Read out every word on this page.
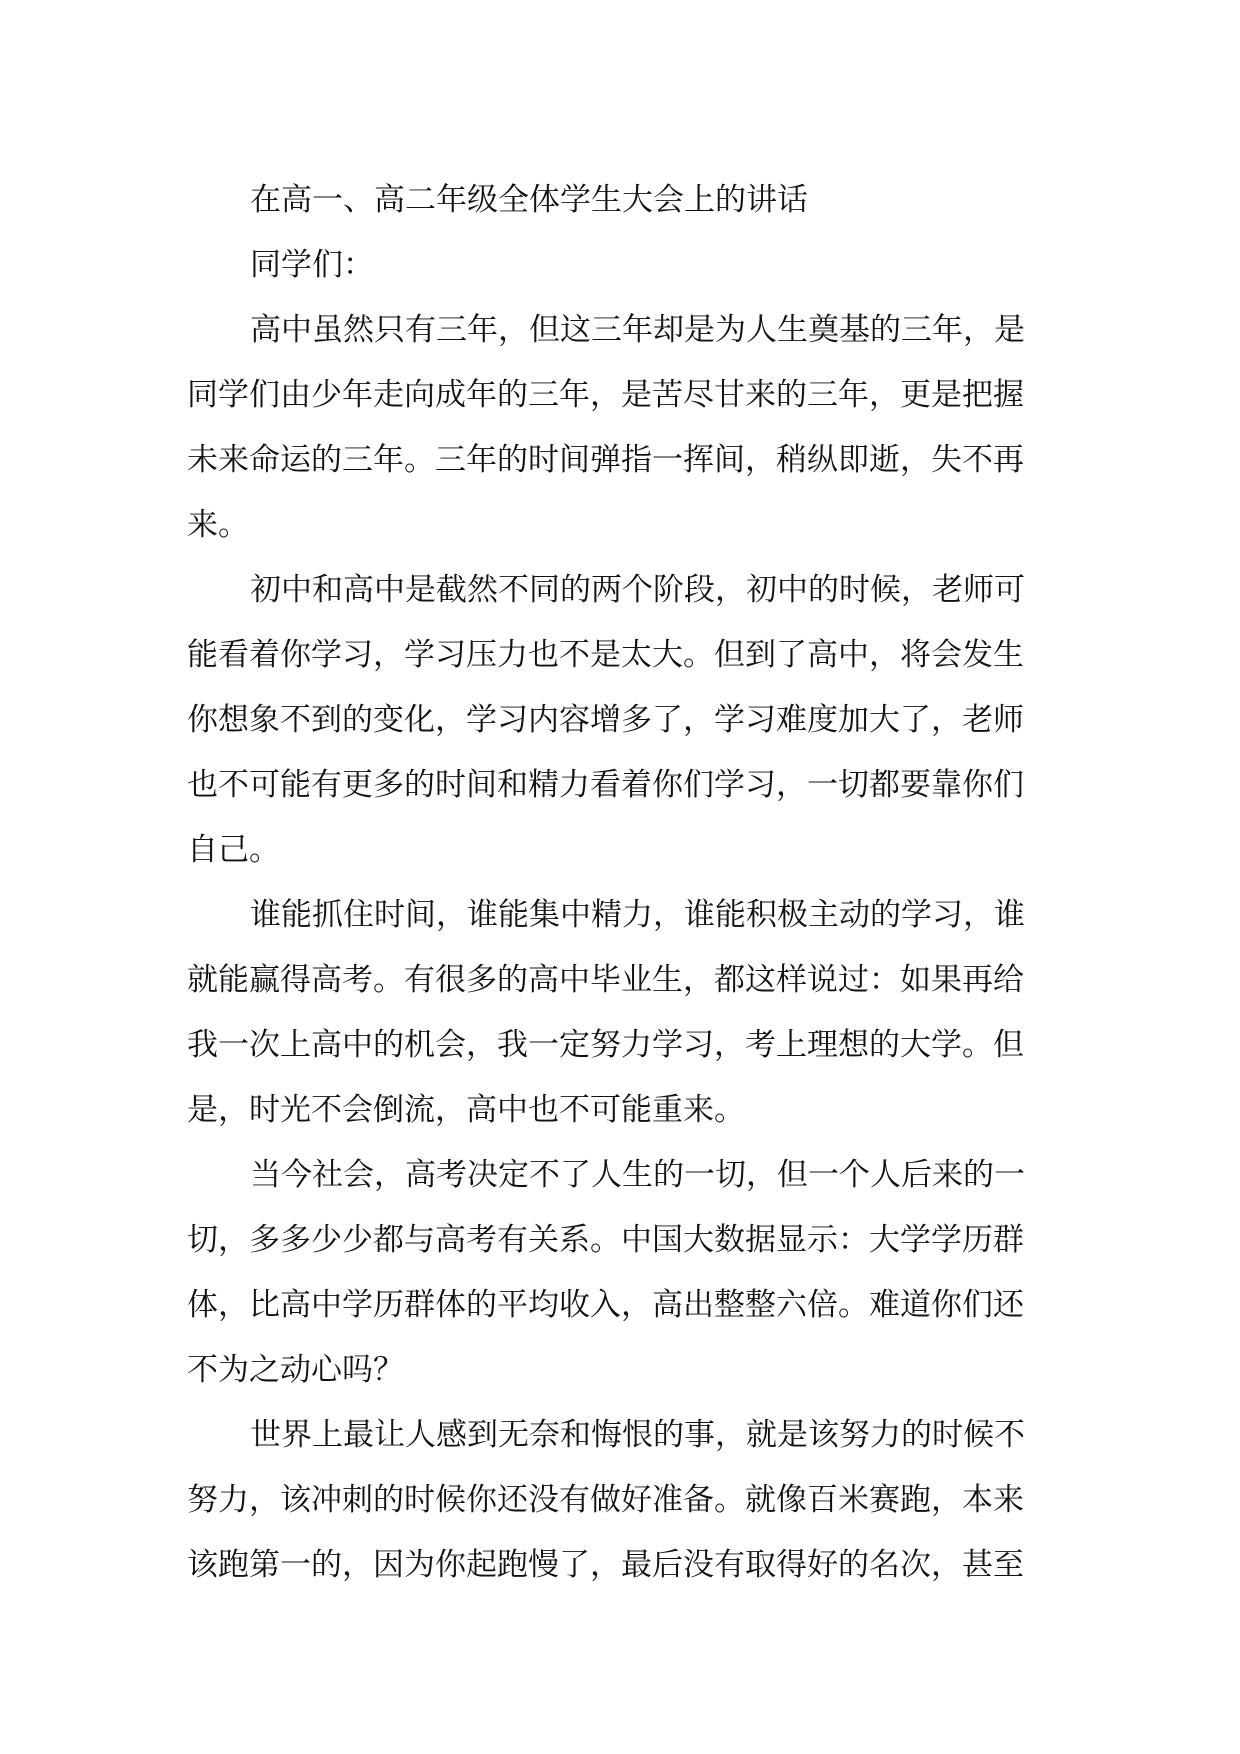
在高一、高二年级全体学生大会上的讲话
同学们：
高中虽然只有三年，但这三年却是为人生奠基的三年，是
同学们由少年走向成年的三年，是苦尽甘来的三年，更是把握
未来命运的三年。三年的时间弹指一挥间，稍纵即逝，失不再
来。
初中和高中是截然不同的两个阶段，初中的时候，老师可
能看着你学习，学习压力也不是太大。但到了高中，将会发生
你想象不到的变化，学习内容增多了，学习难度加大了，老师
也不可能有更多的时间和精力看着你们学习，一切都要靠你们
自己。
谁能抓住时间，谁能集中精力，谁能积极主动的学习，谁
就能赢得高考。有很多的高中毕业生，都这样说过：如果再给
我一次上高中的机会，我一定努力学习，考上理想的大学。但
是，时光不会倒流，高中也不可能重来。
当今社会，高考决定不了人生的一切，但一个人后来的一
切，多多少少都与高考有关系。中国大数据显示：大学学历群
体，比高中学历群体的平均收入，高出整整六倍。难道你们还
不为之动心吗？
世界上最让人感到无奈和悔恨的事，就是该努力的时候不
努力，该冲刺的时候你还没有做好准备。就像百米赛跑，本来
该跑第一的，因为你起跑慢了，最后没有取得好的名次，甚至
